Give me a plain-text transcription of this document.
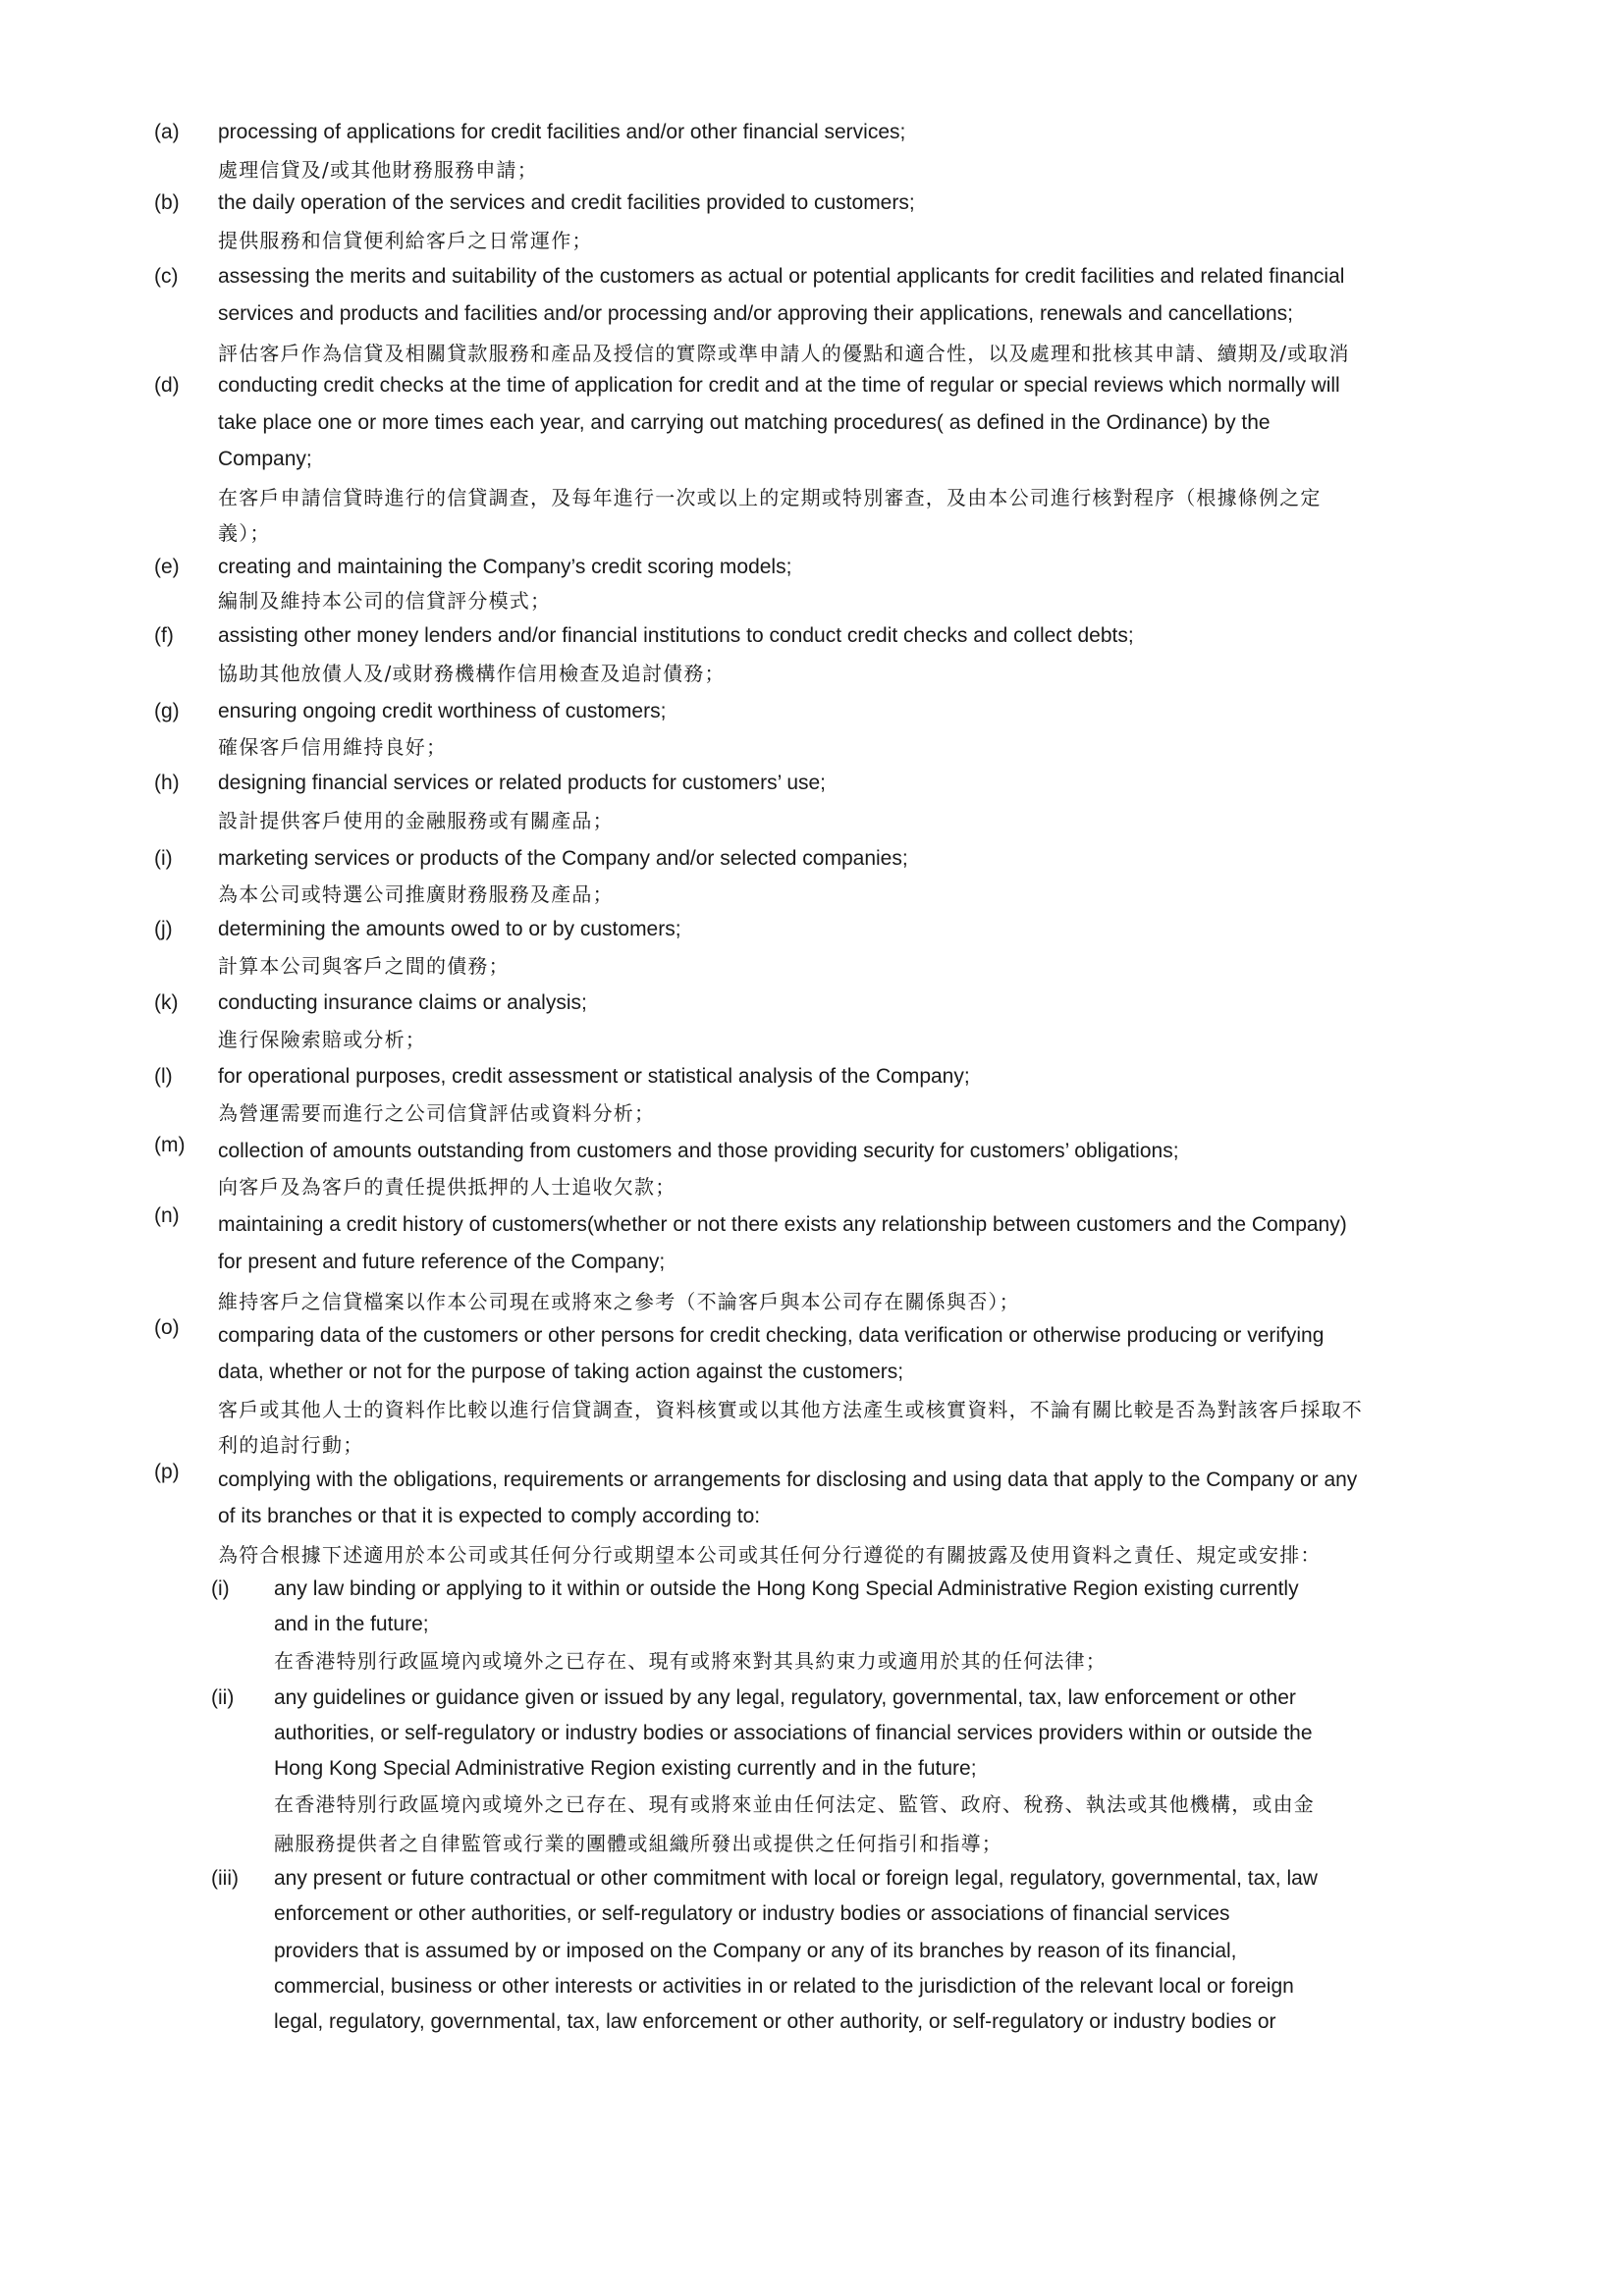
(a) processing of applications for credit facilities and/or other financial services;
處理信貸及/或其他財務服務申請；
(b) the daily operation of the services and credit facilities provided to customers;
提供服務和信貸便利給客戶之日常運作；
(c) assessing the merits and suitability of the customers as actual or potential applicants for credit facilities and related financial
services and products and facilities and/or processing and/or approving their applications, renewals and cancellations;
評估客戶作為信貸及相關貸款服務和產品及授信的實際或準申請人的優點和適合性，以及處理和批核其申請、續期及/或取消
(d) conducting credit checks at the time of application for credit and at the time of regular or special reviews which normally will
take place one or more times each year, and carrying out matching procedures( as defined in the Ordinance) by the
Company;
在客戶申請信貸時進行的信貸調查，及每年進行一次或以上的定期或特別審查，及由本公司進行核對程序（根據條例之定
義）；
(e) creating and maintaining the Company’s credit scoring models;
編制及維持本公司的信貸評分模式；
(f) assisting other money lenders and/or financial institutions to conduct credit checks and collect debts;
協助其他放債人及/或財務機構作信用檢查及追討債務；
(g) ensuring ongoing credit worthiness of customers;
確保客戶信用維持良好；
(h) designing financial services or related products for customers’ use;
設計提供客戶使用的金融服務或有關產品；
(i) marketing services or products of the Company and/or selected companies;
為本公司或特選公司推廣財務服務及產品；
(j) determining the amounts owed to or by customers;
計算本公司與客戶之間的債務；
(k) conducting insurance claims or analysis;
進行保險索賠或分析；
(l) for operational purposes, credit assessment or statistical analysis of the Company;
為營運需要而進行之公司信貸評估或資料分析；
(m) collection of amounts outstanding from customers and those providing security for customers’ obligations;
向客戶及為客戶的責任提供抵押的人士追收欠款；
(n) maintaining a credit history of customers(whether or not there exists any relationship between customers and the Company)
for present and future reference of the Company;
維持客戶之信貸檔案以作本公司現在或將來之參考（不論客戶與本公司存在關係與否）；
(o) comparing data of the customers or other persons for credit checking, data verification or otherwise producing or verifying
data, whether or not for the purpose of taking action against the customers;
客戶或其他人士的資料作比較以進行信貸調查，資料核實或以其他方法產生或核實資料，不論有關比較是否為對該客戶採取不
利的追討行動；
(p) complying with the obligations, requirements or arrangements for disclosing and using data that apply to the Company or any
of its branches or that it is expected to comply according to:
為符合根據下述適用於本公司或其任何分行或期望本公司或其任何分行遵從的有關披露及使用資料之責任、規定或安排：
(i) any law binding or applying to it within or outside the Hong Kong Special Administrative Region existing currently
and in the future;
在香港特別行政區境內或境外之已存在、現有或將來對其具約束力或適用於其的任何法律；
(ii) any guidelines or guidance given or issued by any legal, regulatory, governmental, tax, law enforcement or other
authorities, or self-regulatory or industry bodies or associations of financial services providers within or outside the
Hong Kong Special Administrative Region existing currently and in the future;
在香港特別行政區境內或境外之已存在、現有或將來並由任何法定、監管、政府、稅務、執法或其他機構，或由金
融服務提供者之自律監管或行業的團體或組織所發出或提供之任何指引和指導；
(iii) any present or future contractual or other commitment with local or foreign legal, regulatory, governmental, tax, law
enforcement or other authorities, or self-regulatory or industry bodies or associations of financial services
providers that is assumed by or imposed on the Company or any of its branches by reason of its financial,
commercial, business or other interests or activities in or related to the jurisdiction of the relevant local or foreign
legal, regulatory, governmental, tax, law enforcement or other authority, or self-regulatory or industry bodies or
